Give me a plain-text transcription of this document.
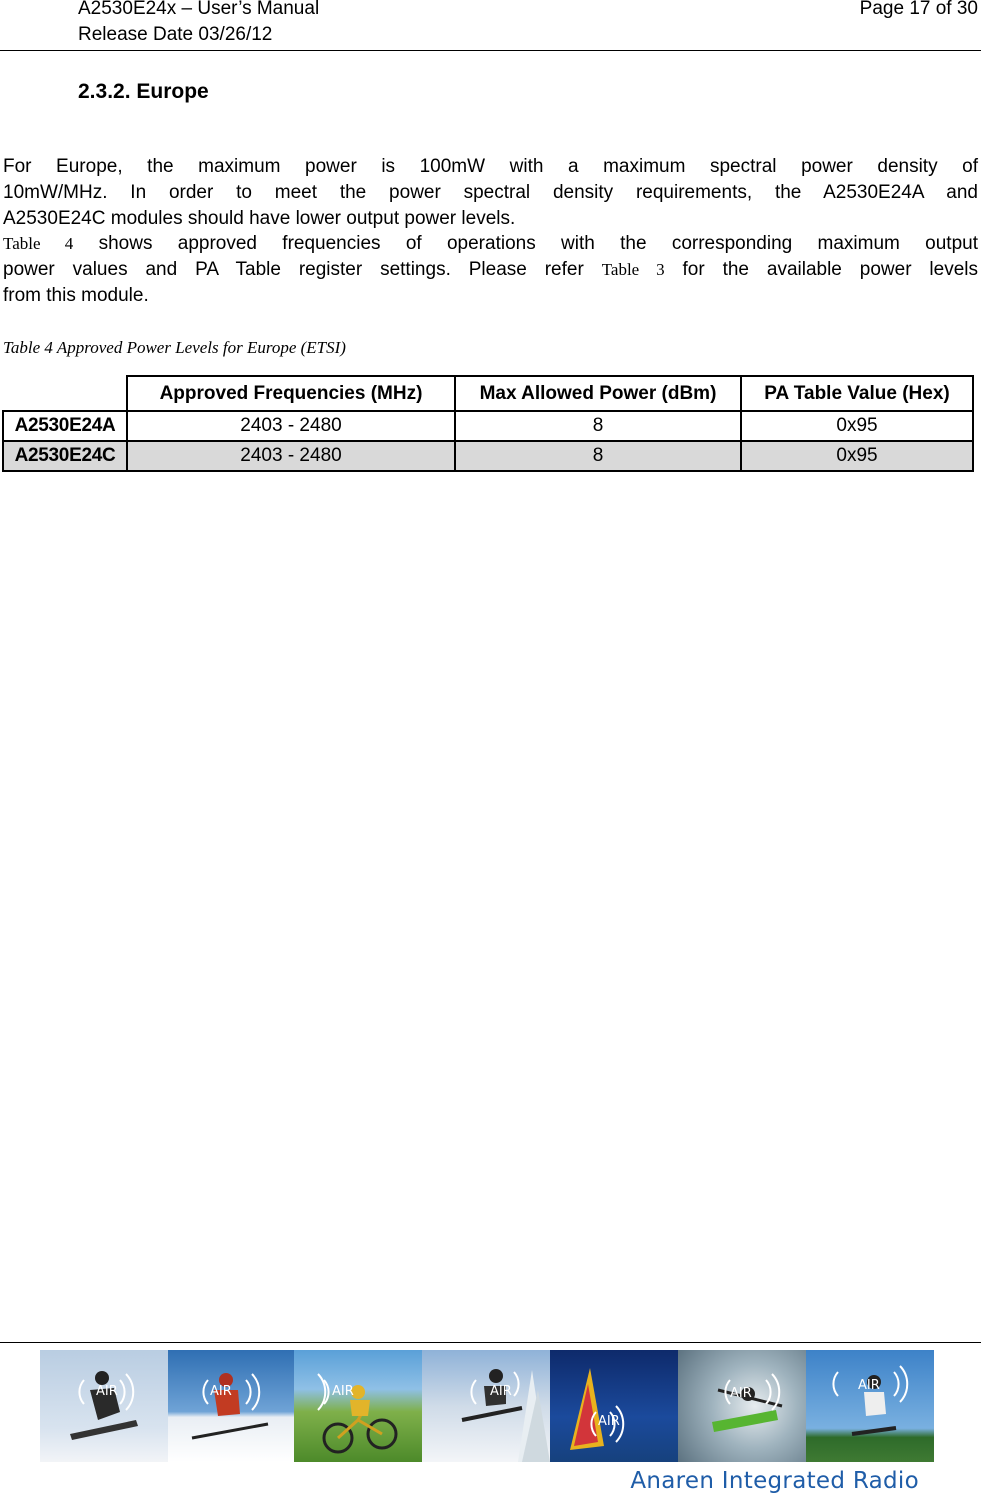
A2530E24x – User’s Manual
Release Date 03/26/12
Page 17 of 30
2.3.2. Europe
For Europe, the maximum power is 100mW with a maximum spectral power density of
10mW/MHz. In order to meet the power spectral density requirements, the A2530E24A and
A2530E24C modules should have lower output power levels.
Table 4 shows approved frequencies of operations with the corresponding maximum output
power values and PA Table register settings. Please refer Table 3 for the available power levels
from this module.
Table 4 Approved Power Levels for Europe (ETSI)
	Approved Frequencies (MHz)	Max Allowed Power (dBm)	PA Table Value (Hex)
A2530E24A	2403 - 2480	8	0x95
A2530E24C	2403 - 2480	8	0x95
AIR	AIR	AIR	AIR
AIR
AIR
AIR
Anaren Integrated Radio
